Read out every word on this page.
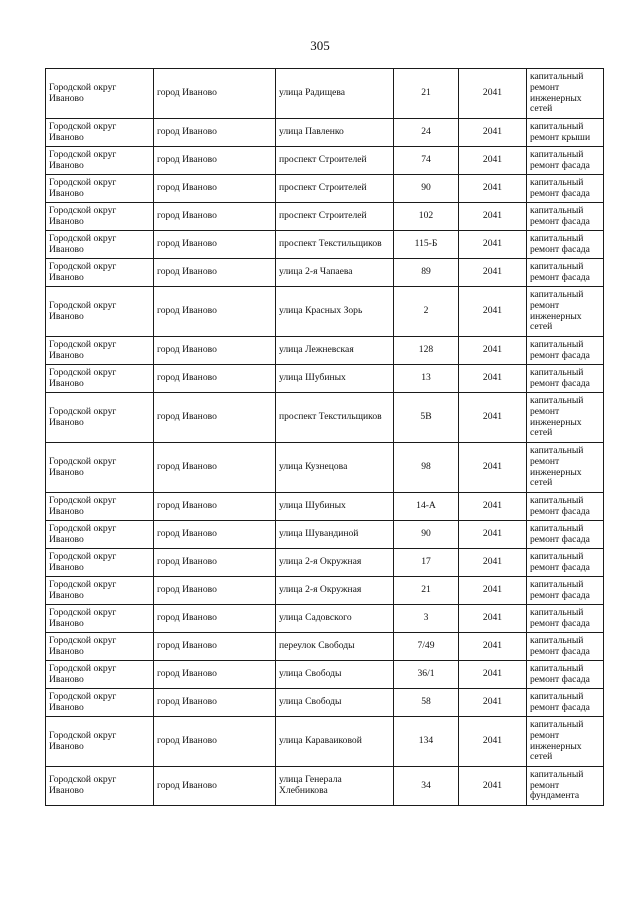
305
Городской округ Иваново	город Иваново	улица Радищева	21	2041	капитальный ремонт инженерных сетей
Городской округ Иваново	город Иваново	улица Павленко	24	2041	капитальный ремонт крыши
Городской округ Иваново	город Иваново	проспект Строителей	74	2041	капитальный ремонт фасада
Городской округ Иваново	город Иваново	проспект Строителей	90	2041	капитальный ремонт фасада
Городской округ Иваново	город Иваново	проспект Строителей	102	2041	капитальный ремонт фасада
Городской округ Иваново	город Иваново	проспект Текстильщиков	115-Б	2041	капитальный ремонт фасада
Городской округ Иваново	город Иваново	улица 2-я Чапаева	89	2041	капитальный ремонт фасада
Городской округ Иваново	город Иваново	улица Красных Зорь	2	2041	капитальный ремонт инженерных сетей
Городской округ Иваново	город Иваново	улица Лежневская	128	2041	капитальный ремонт фасада
Городской округ Иваново	город Иваново	улица Шубиных	13	2041	капитальный ремонт фасада
Городской округ Иваново	город Иваново	проспект Текстильщиков	5В	2041	капитальный ремонт инженерных сетей
Городской округ Иваново	город Иваново	улица Кузнецова	98	2041	капитальный ремонт инженерных сетей
Городской округ Иваново	город Иваново	улица Шубиных	14-А	2041	капитальный ремонт фасада
Городской округ Иваново	город Иваново	улица Шувандиной	90	2041	капитальный ремонт фасада
Городской округ Иваново	город Иваново	улица 2-я Окружная	17	2041	капитальный ремонт фасада
Городской округ Иваново	город Иваново	улица 2-я Окружная	21	2041	капитальный ремонт фасада
Городской округ Иваново	город Иваново	улица Садовского	3	2041	капитальный ремонт фасада
Городской округ Иваново	город Иваново	переулок Свободы	7/49	2041	капитальный ремонт фасада
Городской округ Иваново	город Иваново	улица Свободы	36/1	2041	капитальный ремонт фасада
Городской округ Иваново	город Иваново	улица Свободы	58	2041	капитальный ремонт фасада
Городской округ Иваново	город Иваново	улица Караваиковой	134	2041	капитальный ремонт инженерных сетей
Городской округ Иваново	город Иваново	улица Генерала Хлебникова	34	2041	капитальный ремонт фундамента
